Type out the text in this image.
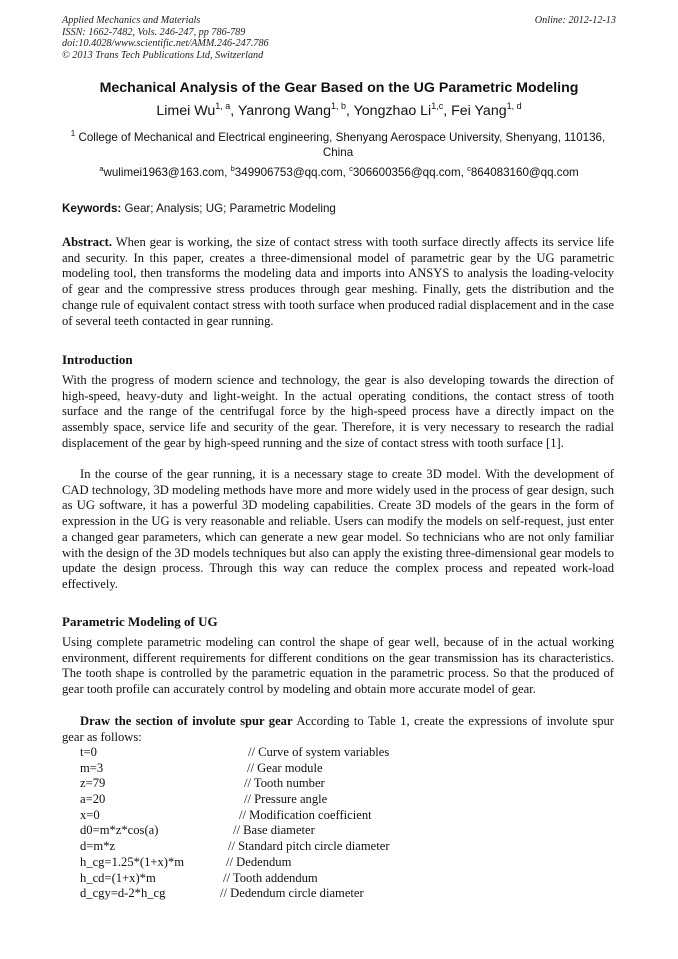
Applied Mechanics and Materials
ISSN: 1662-7482, Vols. 246-247, pp 786-789
doi:10.4028/www.scientific.net/AMM.246-247.786
© 2013 Trans Tech Publications Ltd, Switzerland
Online: 2012-12-13
Mechanical Analysis of the Gear Based on the UG Parametric Modeling
Limei Wu$^{1, a}$, Yanrong Wang$^{1, b}$, Yongzhao Li$^{1,c}$, Fei Yang$^{1, d}$
$^1$ College of Mechanical and Electrical engineering, Shenyang Aerospace University, Shenyang, 110136, China
$^a$wulimei1963@163.com, $^b$349906753@qq.com, $^c$306600356@qq.com, $^c$864083160@qq.com
Keywords: Gear; Analysis; UG; Parametric Modeling
Abstract. When gear is working, the size of contact stress with tooth surface directly affects its service life and security. In this paper, creates a three-dimensional model of parametric gear by the UG parametric modeling tool, then transforms the modeling data and imports into ANSYS to analysis the loading-velocity of gear and the compressive stress produces through gear meshing. Finally, gets the distribution and the change rule of equivalent contact stress with tooth surface when produced radial displacement and in the case of several teeth contacted in gear running.
Introduction
With the progress of modern science and technology, the gear is also developing towards the direction of high-speed, heavy-duty and light-weight. In the actual operating conditions, the contact stress of tooth surface and the range of the centrifugal force by the high-speed process have a directly impact on the assembly space, service life and security of the gear. Therefore, it is very necessary to research the radial displacement of the gear by high-speed running and the size of contact stress with tooth surface [1].
In the course of the gear running, it is a necessary stage to create 3D model. With the development of CAD technology, 3D modeling methods have more and more widely used in the process of gear design, such as UG software, it has a powerful 3D modeling capabilities. Create 3D models of the gears in the form of expression in the UG is very reasonable and reliable. Users can modify the models on self-request, just enter a changed gear parameters, which can generate a new gear model. So technicians who are not only familiar with the design of the 3D models techniques but also can apply the existing three-dimensional gear models to update the design process. Through this way can reduce the complex process and repeated work-load effectively.
Parametric Modeling of UG
Using complete parametric modeling can control the shape of gear well, because of in the actual working environment, different requirements for different conditions on the gear transmission has its characteristics. The tooth shape is controlled by the parametric equation in the parametric process. So that the produced of gear tooth profile can accurately control by modeling and obtain more accurate model of gear.
Draw the section of involute spur gear According to Table 1, create the expressions of involute spur gear as follows:
t=0	// Curve of system variables
m=3	// Gear module
z=79	// Tooth number
a=20	// Pressure angle
x=0	// Modification coefficient
d0=m*z*cos(a)	// Base diameter
d=m*z	// Standard pitch circle diameter
h_cg=1.25*(1+x)*m	// Dedendum
h_cd=(1+x)*m	// Tooth addendum
d_cgy=d-2*h_cg	// Dedendum circle diameter
